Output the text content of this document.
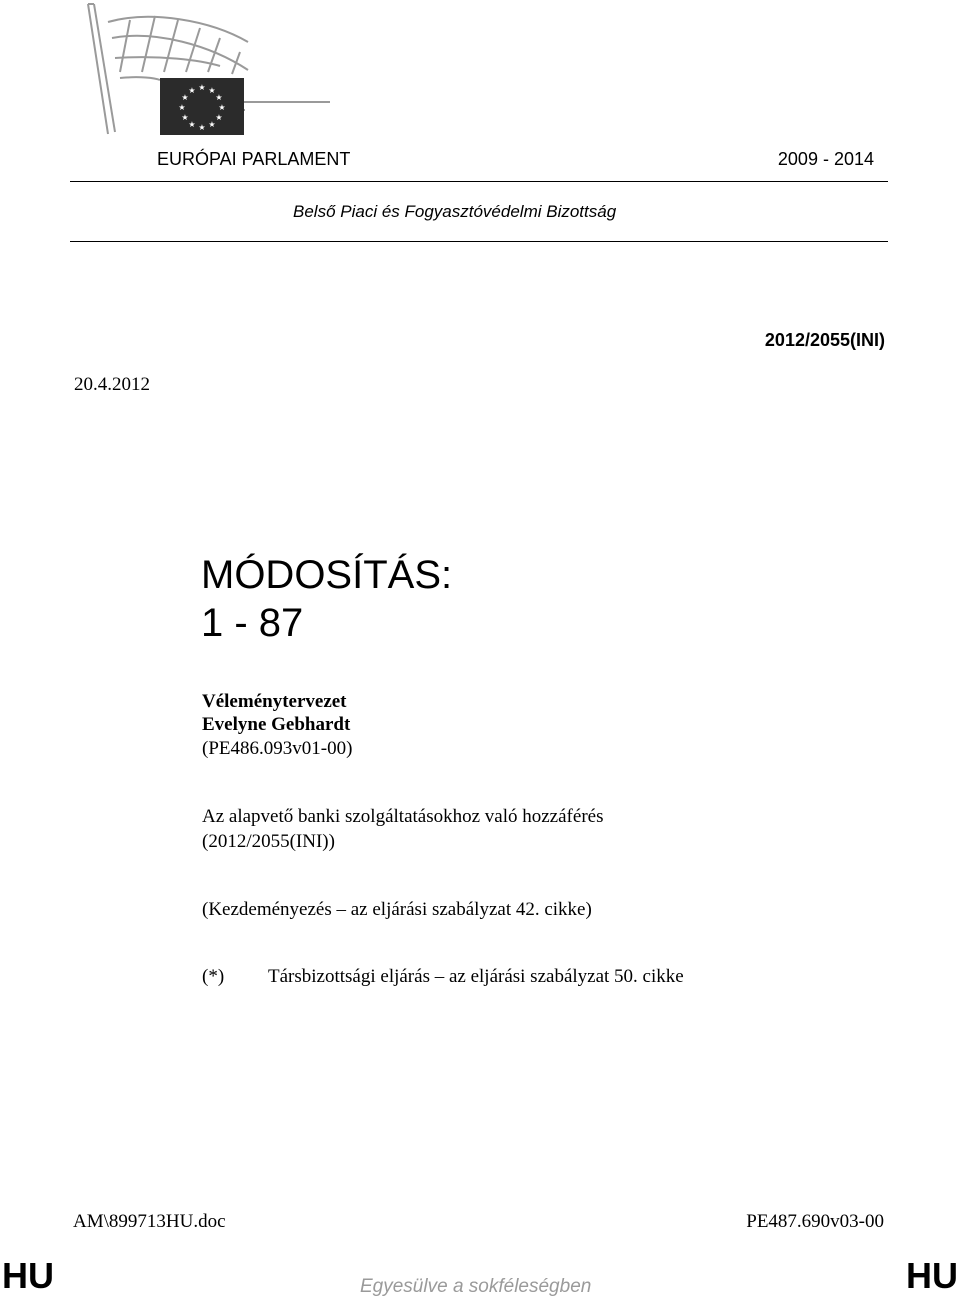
★ ★
★
★
★
★
★
★
★
★
★
★
EURÓPAI PARLAMENT	2009 - 2014
Belső Piaci és Fogyasztóvédelmi Bizottság
2012/2055(INI)
20.4.2012
MÓDOSÍTÁS:
1 - 87
Véleménytervezet
Evelyne Gebhardt
(PE486.093v01-00)
Az alapvető banki szolgáltatásokhoz való hozzáférés
(2012/2055(INI))
(Kezdeményezés – az eljárási szabályzat 42. cikke)
(*) Társbizottsági eljárás – az eljárási szabályzat 50. cikke
AM\899713HU.doc	PE487.690v03-00
HU	Egyesülve a sokféleségben	HU
